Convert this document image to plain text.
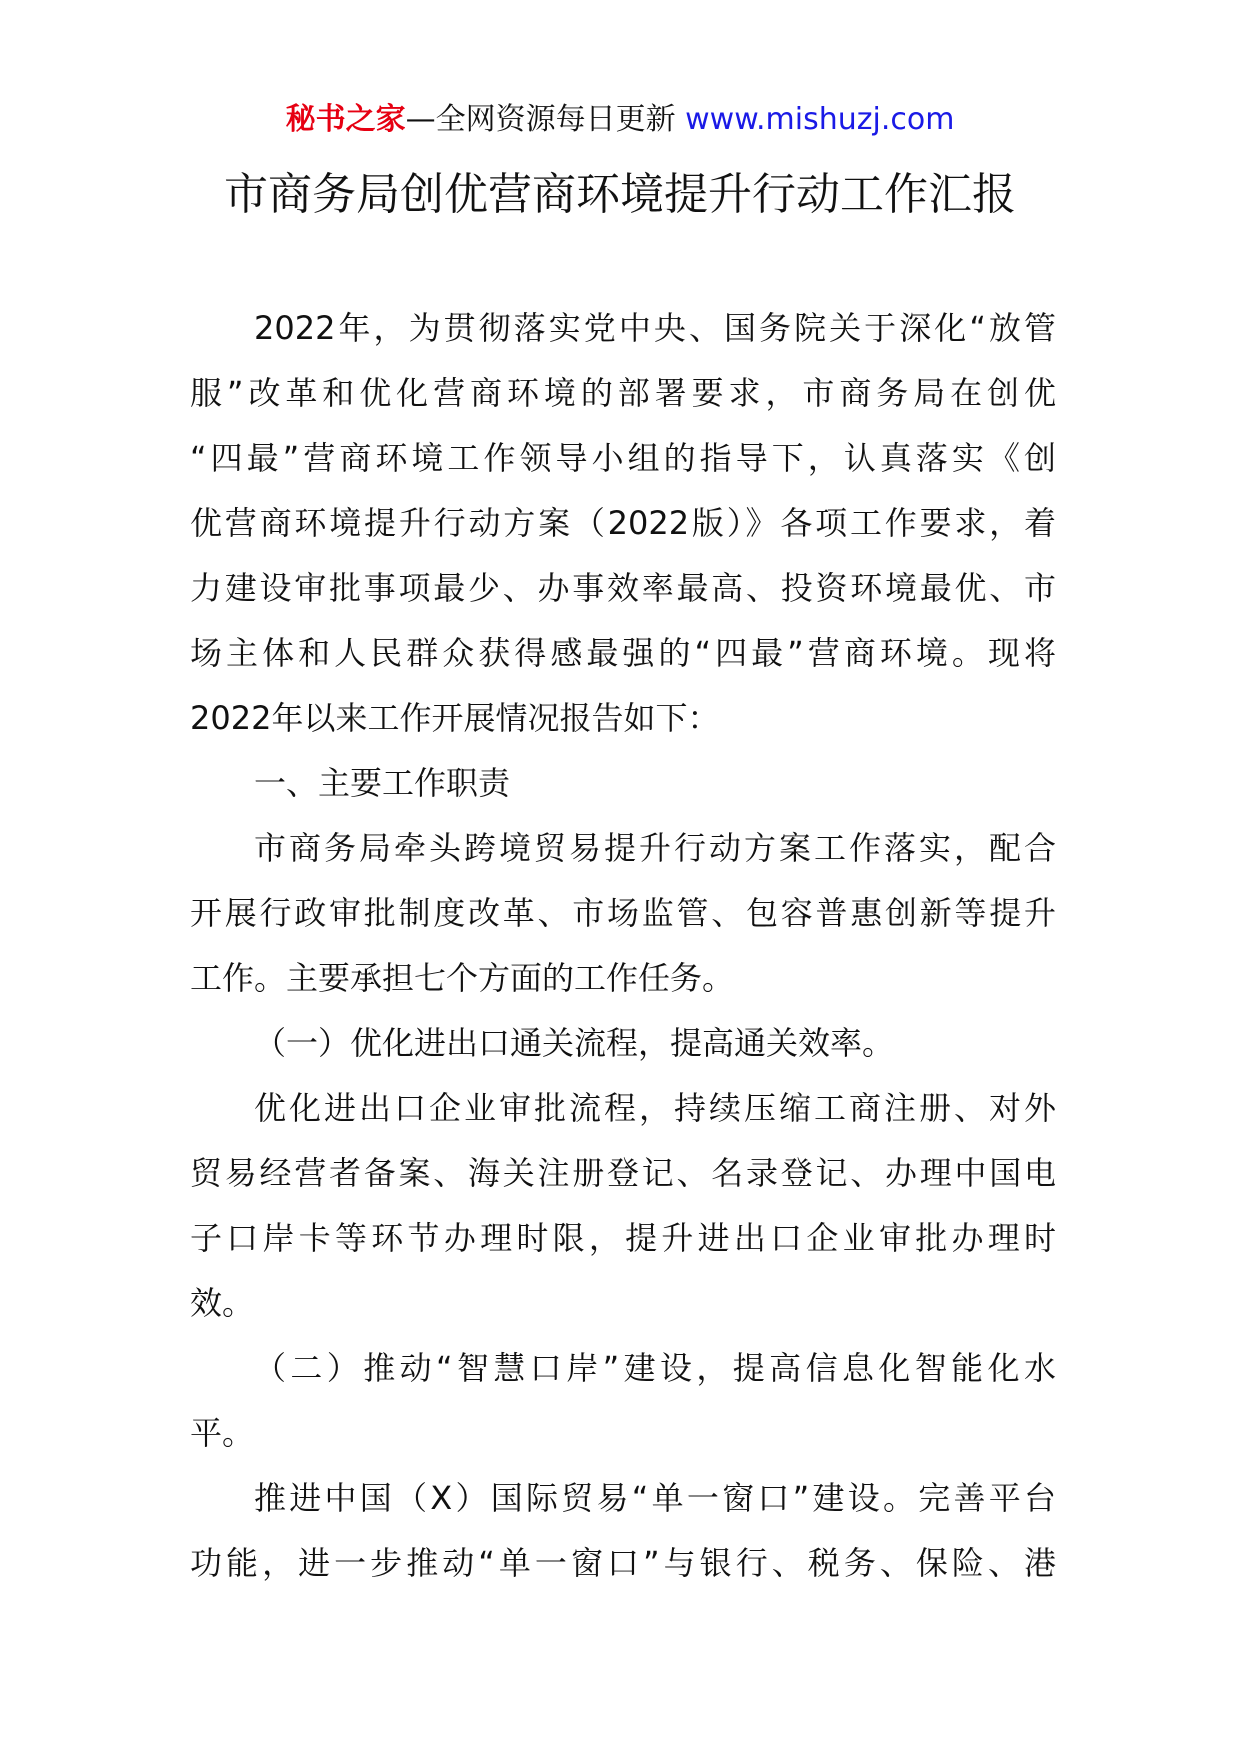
秘书之家—全网资源每日更新 www.mishuzj.com
市商务局创优营商环境提升行动工作汇报
2022年，为贯彻落实党中央、国务院关于深化“放管
服”改革和优化营商环境的部署要求，市商务局在创优
“四最”营商环境工作领导小组的指导下，认真落实《创
优营商环境提升行动方案（2022版）》各项工作要求，着
力建设审批事项最少、办事效率最高、投资环境最优、市
场主体和人民群众获得感最强的“四最”营商环境。现将
2022年以来工作开展情况报告如下：
一、主要工作职责
市商务局牵头跨境贸易提升行动方案工作落实，配合
开展行政审批制度改革、市场监管、包容普惠创新等提升
工作。主要承担七个方面的工作任务。
（一）优化进出口通关流程，提高通关效率。
优化进出口企业审批流程，持续压缩工商注册、对外
贸易经营者备案、海关注册登记、名录登记、办理中国电
子口岸卡等环节办理时限，提升进出口企业审批办理时
效。
（二）推动“智慧口岸”建设，提高信息化智能化水
平。
推进中国（X）国际贸易“单一窗口”建设。完善平台
功能，进一步推动“单一窗口”与银行、税务、保险、港
